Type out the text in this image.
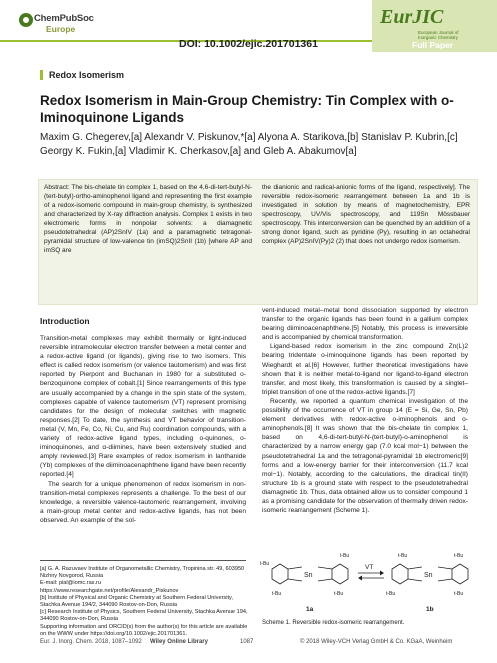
ChemPubSoc
Europe
DOI: 10.1002/ejic.201701361
EurJIC
European Journal of Inorganic Chemistry
Full Paper
Redox Isomerism
Redox Isomerism in Main-Group Chemistry: Tin Complex with o-Iminoquinone Ligands
Maxim G. Chegerev,[a] Alexandr V. Piskunov,*[a] Alyona A. Starikova,[b] Stanislav P. Kubrin,[c]
Georgy K. Fukin,[a] Vladimir K. Cherkasov,[a] and Gleb A. Abakumov[a]
Abstract: The bis-chelate tin complex 1, based on the 4,6-di-tert-butyl-N-(tert-butyl)-ortho-aminophenol ligand and representing the first example of a redox-isomeric compound in main-group chemistry, is synthesized and characterized by X-ray diffraction analysis. Complex 1 exists in two electromeric forms in nonpolar solvents: a diamagnetic pseudotetrahedral (AP)2SnIV (1a) and a paramagnetic tetragonal-pyramidal structure of low-valence tin (imSQ)2SnII (1b) [where AP and imSQ are
the dianionic and radical-anionic forms of the ligand, respectively]. The reversible redox-isomeric rearrangement between 1a and 1b is investigated in solution by means of magnetochemistry, EPR spectroscopy, UV/Vis spectroscopy, and 119Sn Mössbauer spectroscopy. This interconversion can be quenched by an addition of a strong donor ligand, such as pyridine (Py), resulting in an octahedral complex (AP)2SnIV(Py)2 (2) that does not undergo redox isomerism.
Introduction

Transition-metal complexes may exhibit thermally or light-induced reversible intramolecular electron transfer between a metal center and a redox-active ligand (or ligands), giving rise to two isomers. This effect is called redox isomerism (or valence tautomerism) and was first reported by Pierpont and Buchanan in 1980 for a substituted o-benzoquinone complex of cobalt.[1] Since rearrangements of this type are usually accompanied by a change in the spin state of the system, complexes capable of valence tautomerism (VT) represent promising candidates for the design of molecular switches with magnetic responses.[2] To date, the synthesis and VT behavior of transition-metal (V, Mn, Fe, Co, Ni, Cu, and Ru) coordination compounds, with a variety of redox-active ligand types, including o-quinones, o-iminoquinones, and α-diimines, have been extensively studied and amply reviewed.[3] Rare examples of redox isomerism in lanthanide (Yb) complexes of the diiminoacenaphthene ligand have been recently reported.[4]

The search for a unique phenomenon of redox isomerism in non-transition-metal complexes represents a challenge. To the best of our knowledge, a reversible valence-tautomeric rearrangement, involving a main-group metal center and redox-active ligands, has not been observed. An example of the sol-

vent-induced metal–metal bond dissociation supported by electron transfer to the organic ligands has been found in a gallium complex bearing diiminoacenaphthene.[5] Notably, this process is irreversible and is accompanied by chemical transformation.

Ligand-based redox isomerism in the zinc compound Zn(L)2 bearing tridentate o-iminoquinone ligands has been reported by Wieghardt et al.[6] However, further theoretical investigations have shown that it is neither metal-to-ligand nor ligand-to-ligand electron transfer, and most likely, this transformation is caused by a singlet–triplet transition of one of the redox-active ligands.[7]

Recently, we reported a quantum chemical investigation of the possibility of the occurrence of VT in group 14 (E = Si, Ge, Sn, Pb) element derivatives with redox-active o-iminophenols and o-aminophenols.[8] It was shown that the bis-chelate tin complex 1, based on 4,6-di-tert-butyl-N-(tert-butyl)-o-aminophenol is characterized by a narrow energy gap (7.0 kcal mol−1) between the pseudotetrahedral 1a and the tetragonal-pyramidal 1b electromeric[9] forms and a low-energy barrier for their interconversion (11.7 kcal mol−1). Notably, according to the calculations, the diradical tin(II) structure 1b is a ground state with respect to the pseudotetrahedral diamagnetic 1b. Thus, data obtained allow us to consider compound 1 as a promising candidate for the observation of thermally driven redox-isomeric rearrangement (Scheme 1).

[a] G. A. Razuvaev Institute of Organometallic Chemistry, Tropinina str. 49, 603950 Nizhny Novgorod, Russia
E-mail: pial@iomc.ras.ru
https://www.researchgate.net/profile/Alexandr_Piskunov
[b] Institute of Physical and Organic Chemistry at Southern Federal University, Stachka Avenue 194/2, 344090 Rostov-on-Don, Russia
[c] Research Institute of Physics, Southern Federal University, Stachka Avenue 194, 344090 Rostov-on-Don, Russia
Supporting information and ORCID(s) from the author(s) for this article are available on the WWW under https://doi.org/10.1002/ejic.201701361.
Sn
t-Bu
t-Bu
t-Bu	t-Bu
VT
Sn
t-Bu	t-Bu
t-Bu	t-Bu
1a	1b
Scheme 1. Reversible redox-isomeric rearrangement.
Eur. J. Inorg. Chem. 2018, 1087–1092 Wiley Online Library	1087	© 2018 Wiley-VCH Verlag GmbH & Co. KGaA, Weinheim
